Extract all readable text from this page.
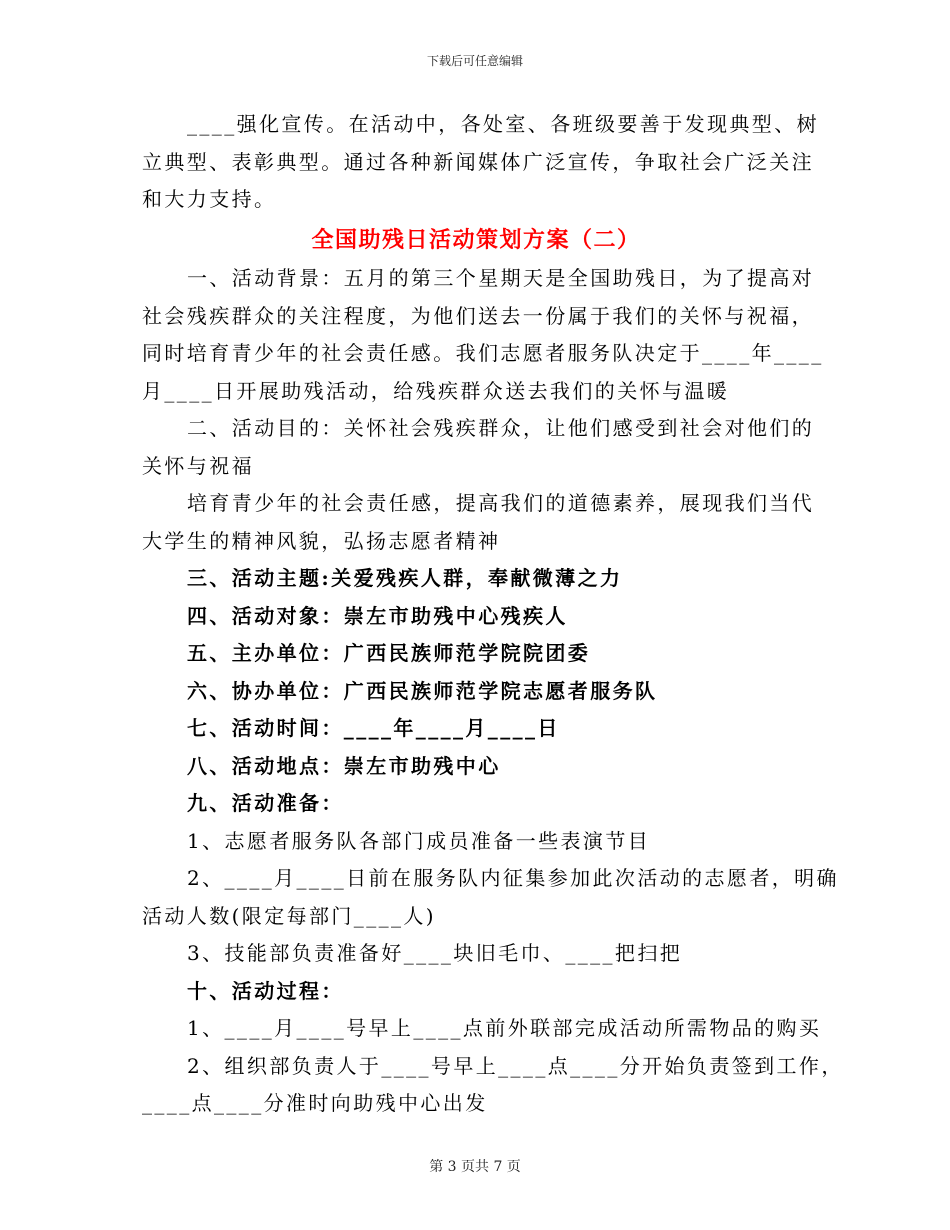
下载后可任意编辑
____强化宣传。在活动中，各处室、各班级要善于发现典型、树
立典型、表彰典型。通过各种新闻媒体广泛宣传，争取社会广泛关注
和大力支持。
全国助残日活动策划方案（二）
一、活动背景：五月的第三个星期天是全国助残日，为了提高对
社会残疾群众的关注程度，为他们送去一份属于我们的关怀与祝福，
同时培育青少年的社会责任感。我们志愿者服务队决定于____年____
月____日开展助残活动，给残疾群众送去我们的关怀与温暖
二、活动目的：关怀社会残疾群众，让他们感受到社会对他们的
关怀与祝福
培育青少年的社会责任感，提高我们的道德素养，展现我们当代
大学生的精神风貌，弘扬志愿者精神
三、活动主题:关爱残疾人群，奉献微薄之力
四、活动对象：崇左市助残中心残疾人
五、主办单位：广西民族师范学院院团委
六、协办单位：广西民族师范学院志愿者服务队
七、活动时间：____年____月____日
八、活动地点：崇左市助残中心
九、活动准备：
1、志愿者服务队各部门成员准备一些表演节目
2、____月____日前在服务队内征集参加此次活动的志愿者，明确
活动人数(限定每部门____人)
3、技能部负责准备好____块旧毛巾、____把扫把
十、活动过程：
1、____月____号早上____点前外联部完成活动所需物品的购买
2、组织部负责人于____号早上____点____分开始负责签到工作，
____点____分准时向助残中心出发
第 3 页共 7 页
